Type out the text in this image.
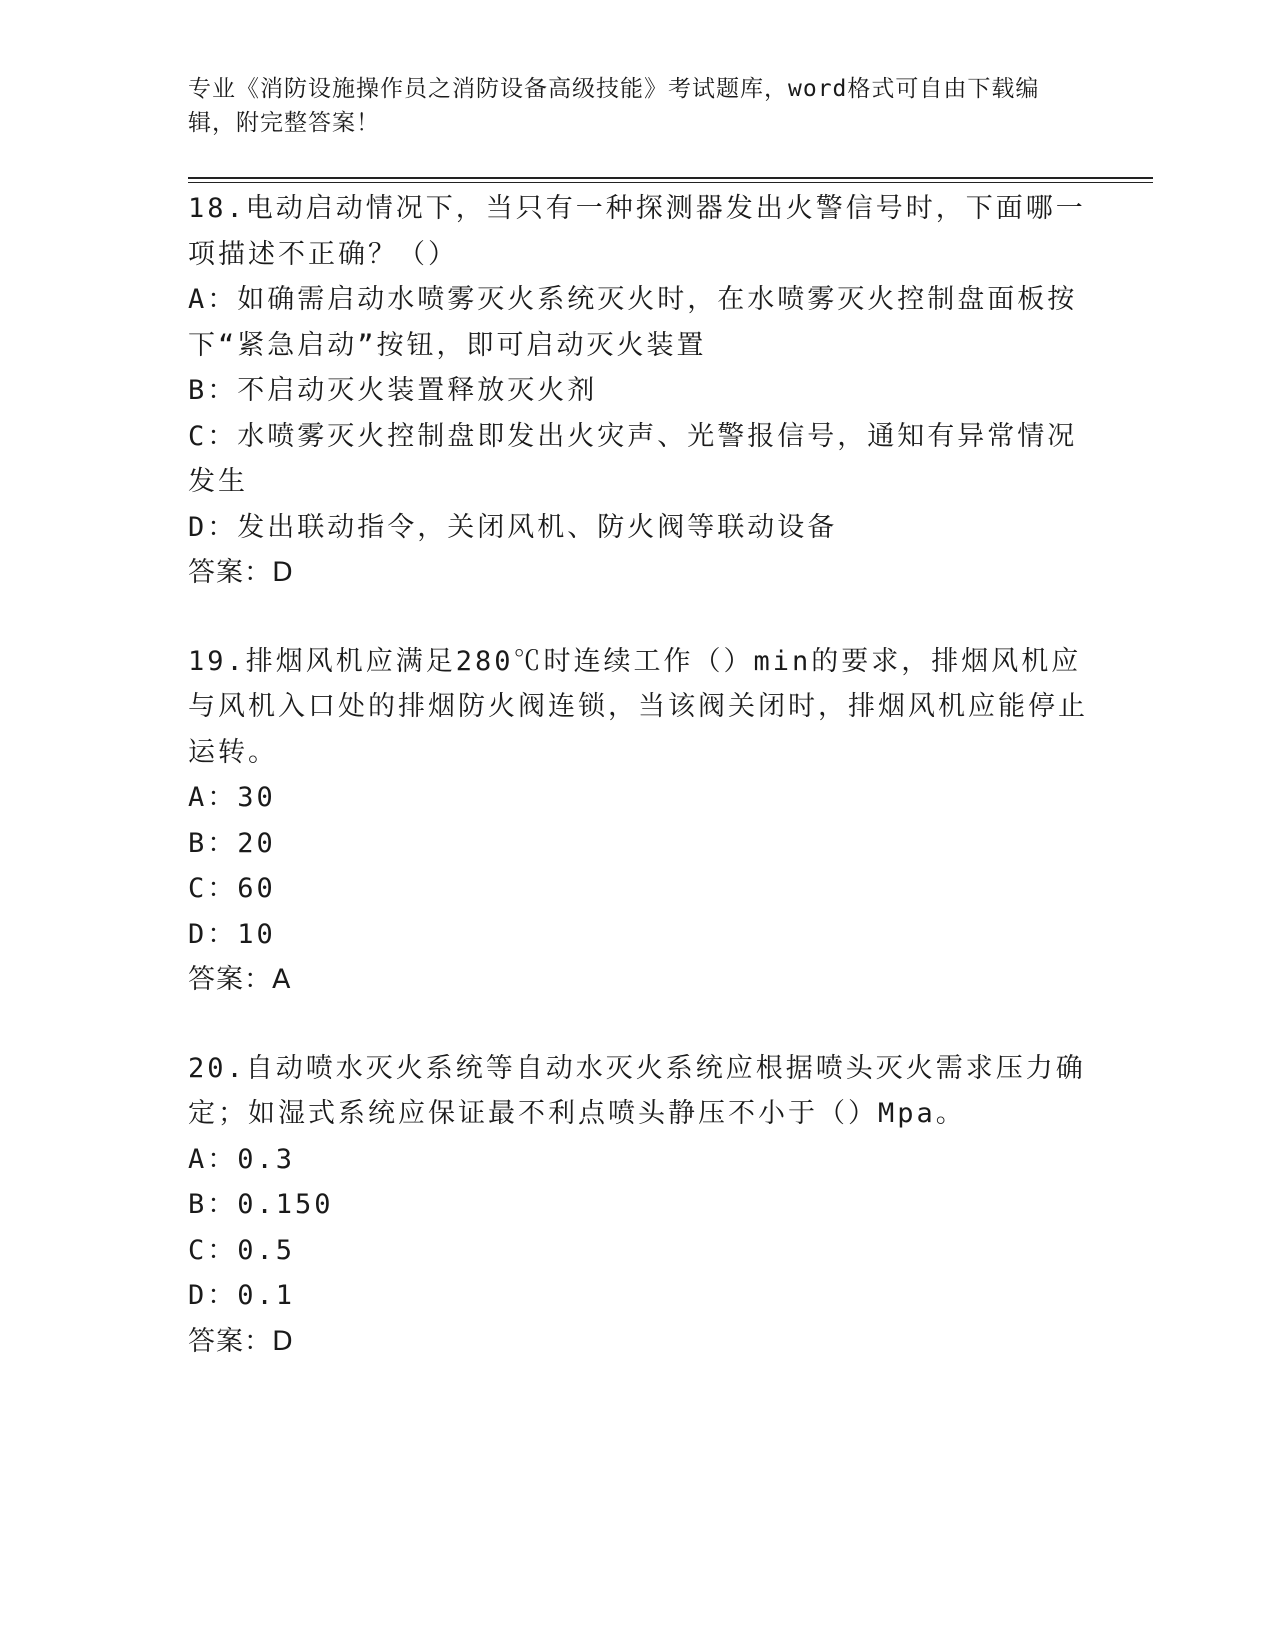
专业《消防设施操作员之消防设备高级技能》考试题库，word格式可自由下载编辑，附完整答案！
18.电动启动情况下，当只有一种探测器发出火警信号时，下面哪一项描述不正确？（）
A：如确需启动水喷雾灭火系统灭火时，在水喷雾灭火控制盘面板按下“紧急启动”按钮，即可启动灭火装置
B：不启动灭火装置释放灭火剂
C：水喷雾灭火控制盘即发出火灾声、光警报信号，通知有异常情况发生
D：发出联动指令，关闭风机、防火阀等联动设备
答案：D
19.排烟风机应满足280℃时连续工作（）min的要求，排烟风机应与风机入口处的排烟防火阀连锁，当该阀关闭时，排烟风机应能停止运转。
A：30
B：20
C：60
D：10
答案：A
20.自动喷水灭火系统等自动水灭火系统应根据喷头灭火需求压力确定；如湿式系统应保证最不利点喷头静压不小于（）Mpa。
A：0.3
B：0.150
C：0.5
D：0.1
答案：D
